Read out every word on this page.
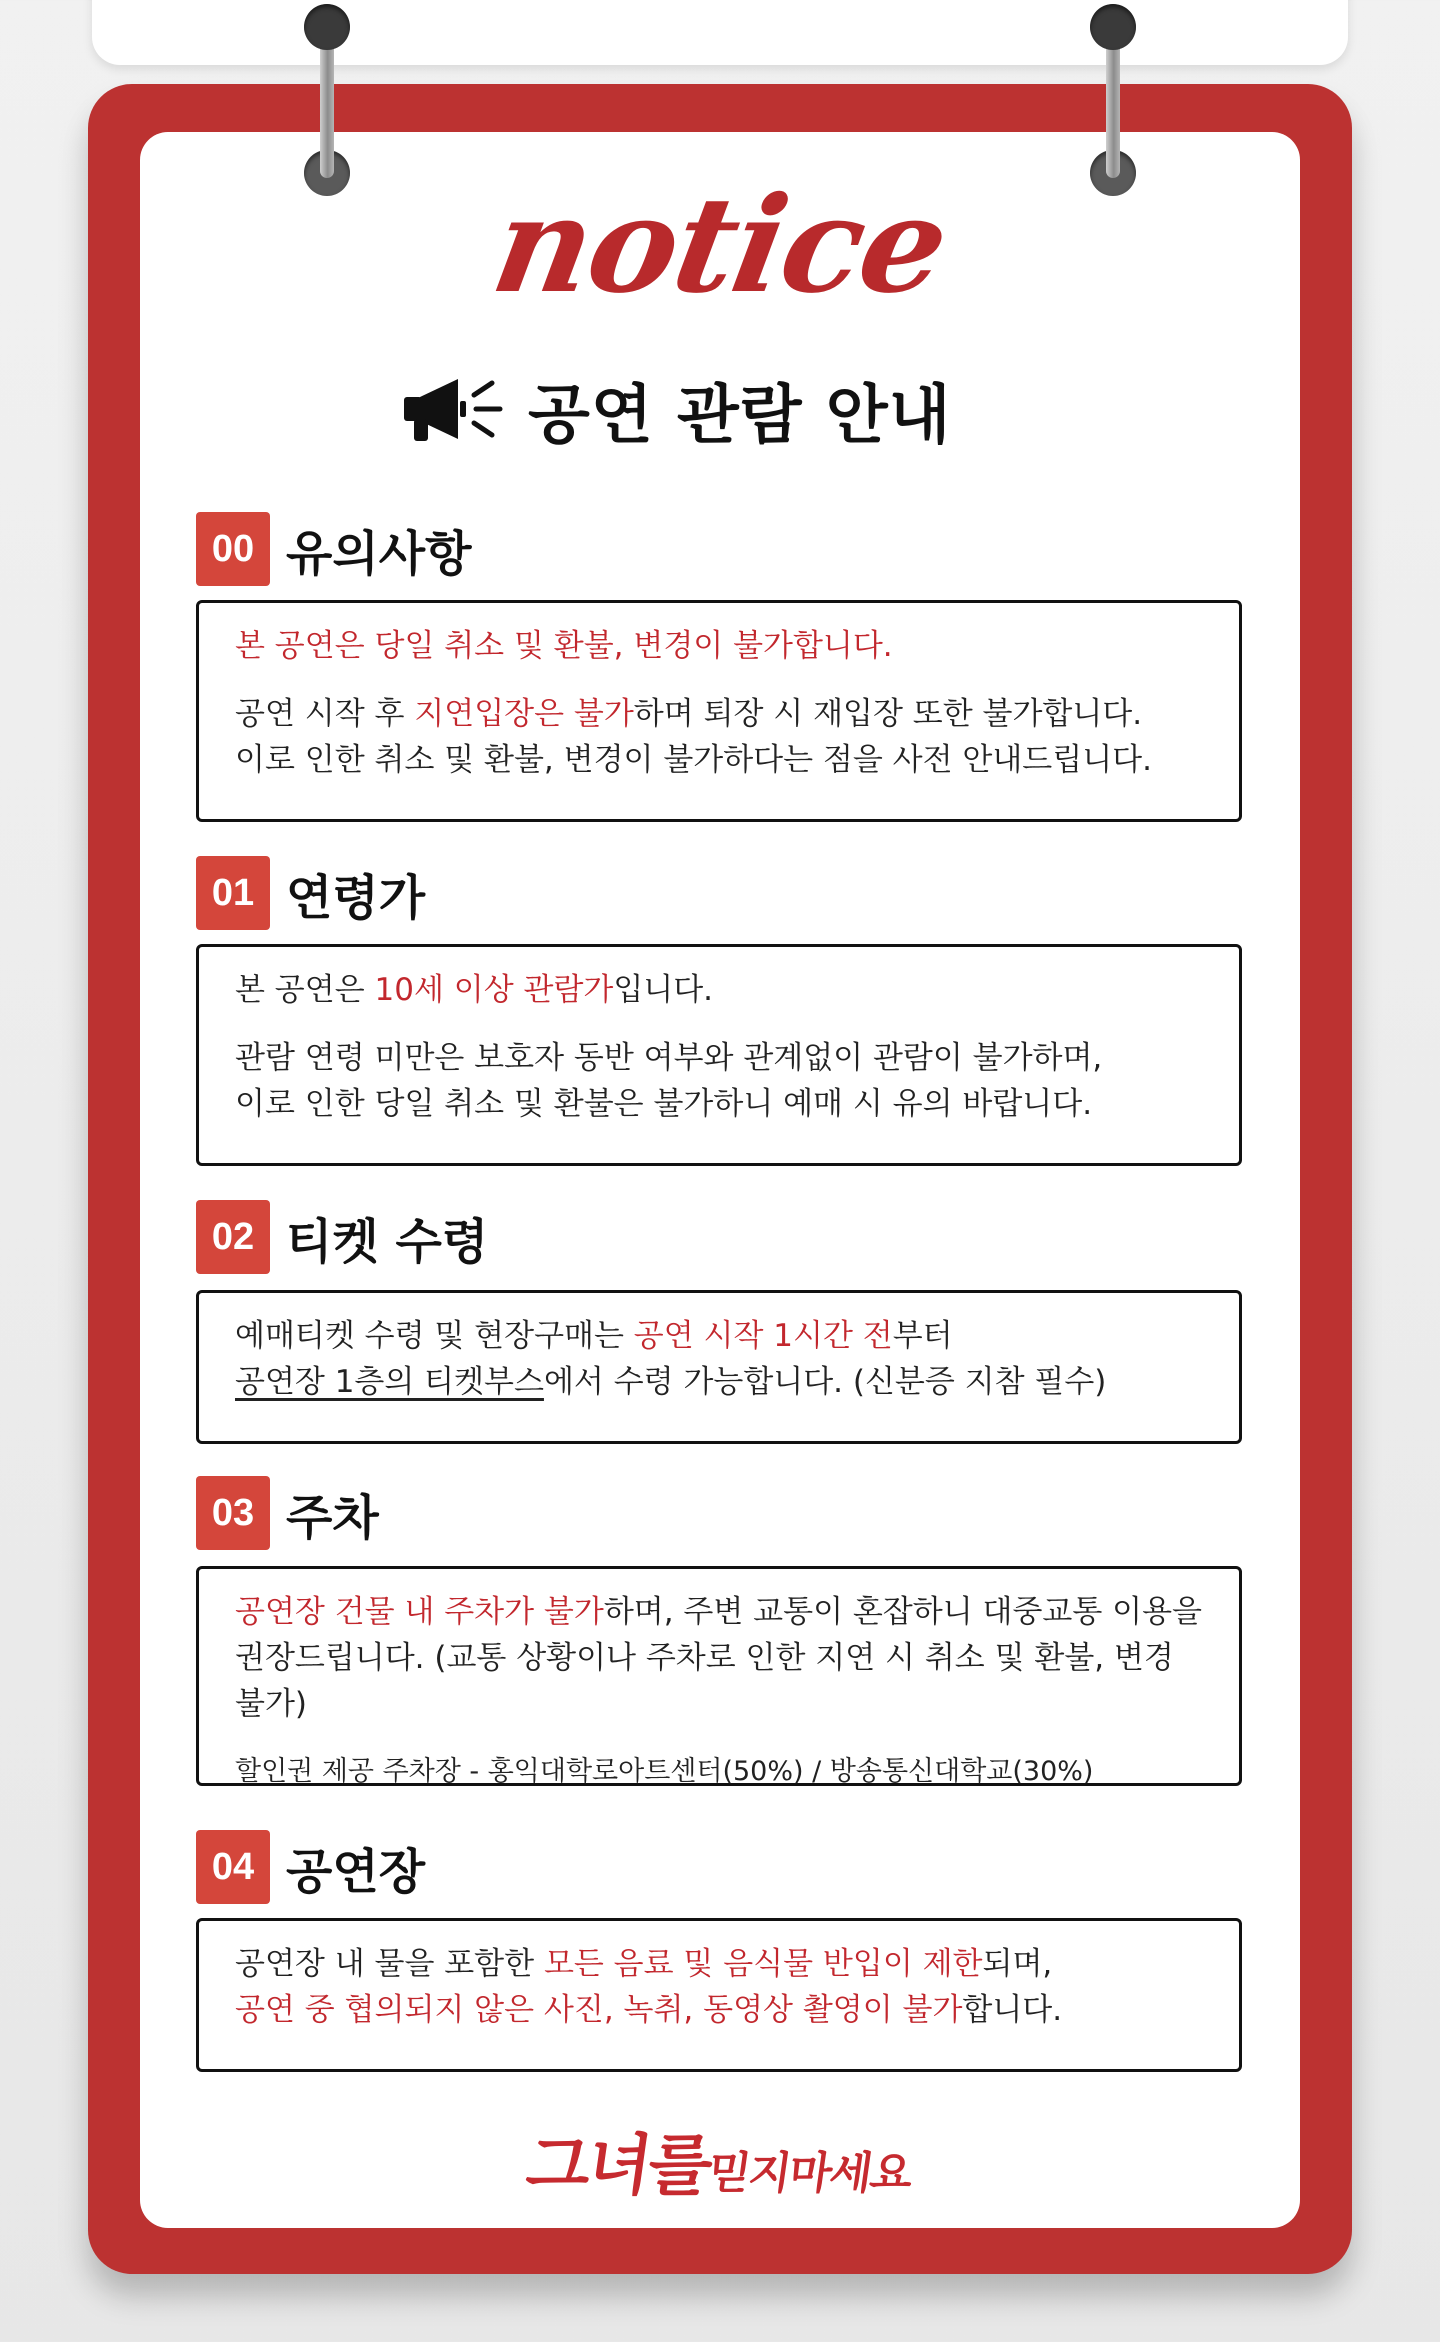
notice
공연 관람 안내
00 유의사항

본 공연은 당일 취소 및 환불, 변경이 불가합니다.

공연 시작 후 지연입장은 불가하며 퇴장 시 재입장 또한 불가합니다.

이로 인한 취소 및 환불, 변경이 불가하다는 점을 사전 안내드립니다.

01 연령가

본 공연은 10세 이상 관람가입니다.

관람 연령 미만은 보호자 동반 여부와 관계없이 관람이 불가하며,

이로 인한 당일 취소 및 환불은 불가하니 예매 시 유의 바랍니다.

02 티켓 수령

예매티켓 수령 및 현장구매는 공연 시작 1시간 전부터

공연장 1층의 티켓부스에서 수령 가능합니다. (신분증 지참 필수)

03 주차

공연장 건물 내 주차가 불가하며, 주변 교통이 혼잡하니 대중교통 이용을

권장드립니다. (교통 상황이나 주차로 인한 지연 시 취소 및 환불, 변경 불가)

할인권 제공 주차장 - 홍익대학로아트센터(50%) / 방송통신대학교(30%)

04 공연장

공연장 내 물을 포함한 모든 음료 및 음식물 반입이 제한되며,

공연 중 협의되지 않은 사진, 녹취, 동영상 촬영이 불가합니다.

그녀를믿지마세요
